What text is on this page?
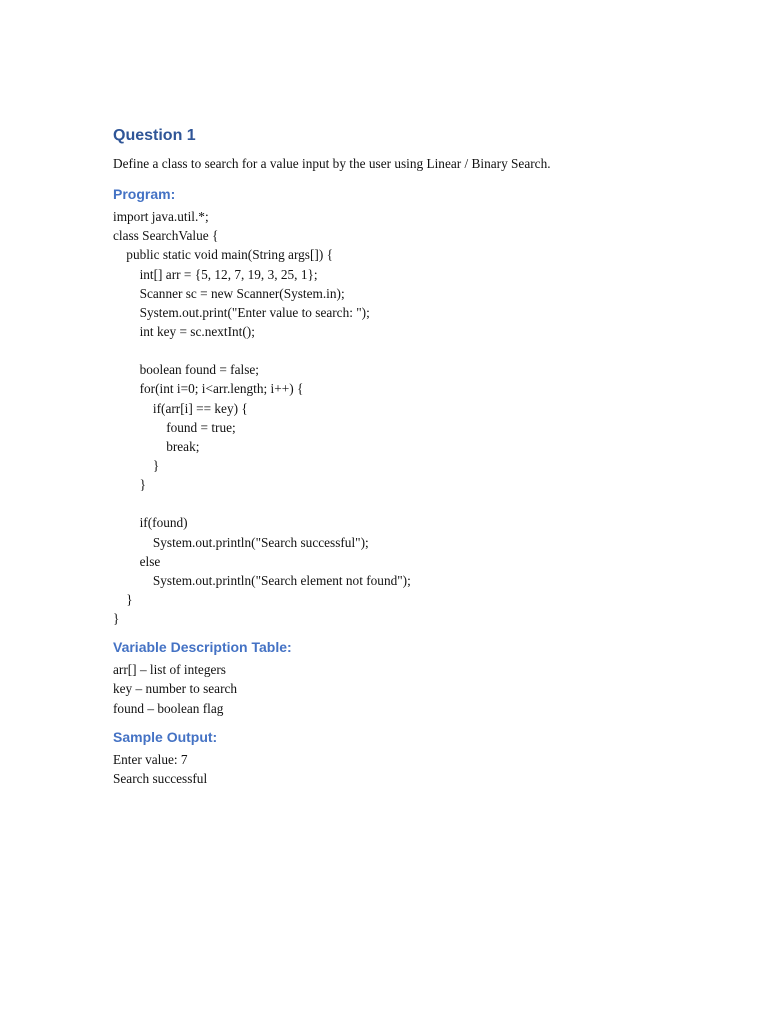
Question 1

Define a class to search for a value input by the user using Linear / Binary Search.

Program:
import java.util.*;
class SearchValue {
public static void main(String args[]) {
int[] arr = {5, 12, 7, 19, 3, 25, 1};
Scanner sc = new Scanner(System.in);
System.out.print("Enter value to search: ");
int key = sc.nextInt();
boolean found = false;
for(int i=0; i<arr.length; i++) {
if(arr[i] == key) {
found = true;
break;
}
}
if(found)
System.out.println("Search successful");
else
System.out.println("Search element not found");
}
}
Variable Description Table:
arr[] – list of integers
key – number to search
found – boolean flag
Sample Output:
Enter value: 7
Search successful
